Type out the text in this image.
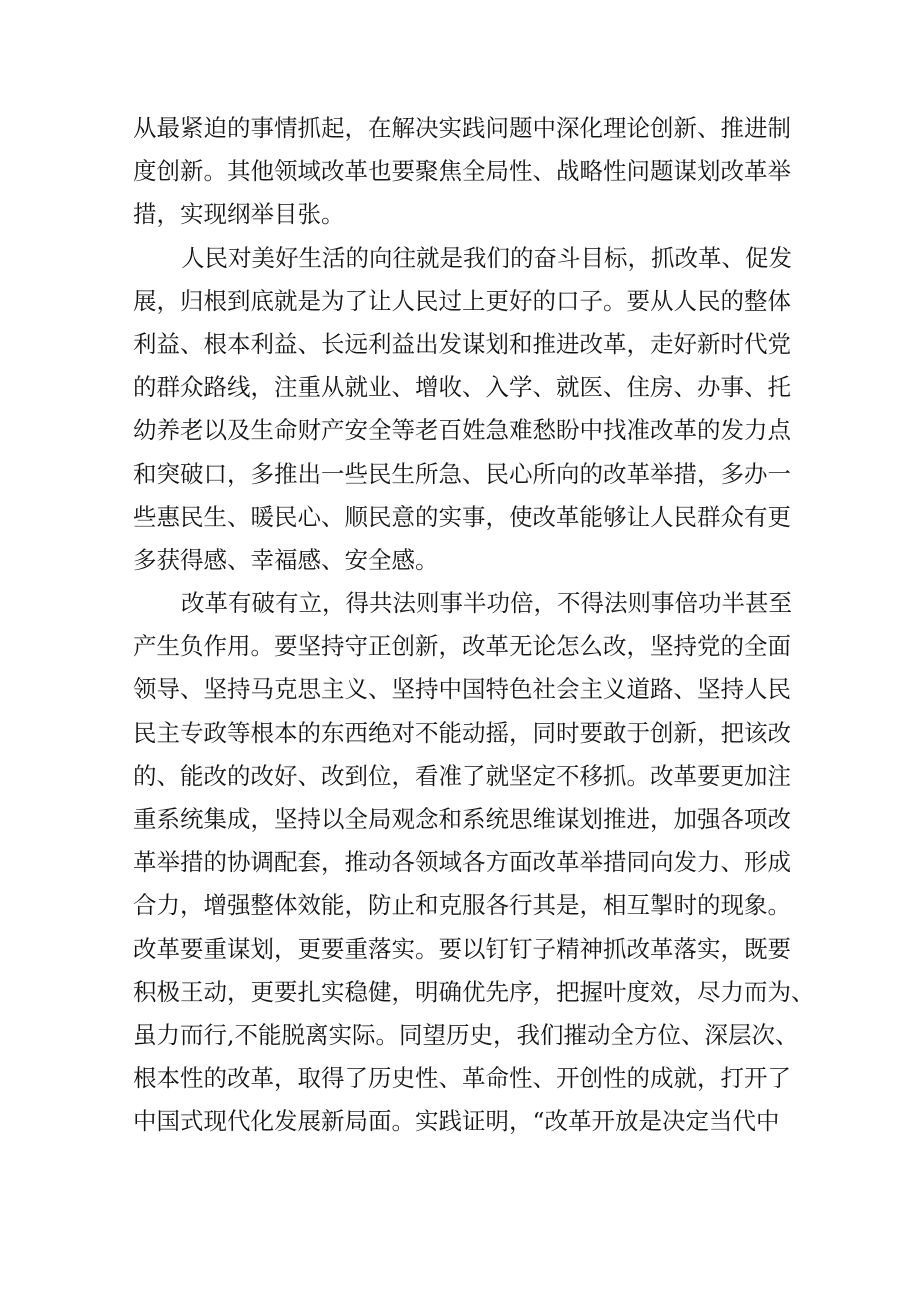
从最紧迫的事情抓起，在解决实践问题中深化理论创新、推进制
度创新。其他领域改革也要聚焦全局性、战略性问题谋划改革举
措，实现纲举目张。
人民对美好生活的向往就是我们的奋斗目标，抓改革、促发
展，归根到底就是为了让人民过上更好的口子。要从人民的整体
利益、根本利益、长远利益出发谋划和推进改革，走好新时代党
的群众路线，注重从就业、增收、入学、就医、住房、办事、托
幼养老以及生命财产安全等老百姓急难愁盼中找准改革的发力点
和突破口，多推出一些民生所急、民心所向的改革举措，多办一
些惠民生、暖民心、顺民意的实事，使改革能够让人民群众有更
多获得感、幸福感、安全感。
改革有破有立，得共法则事半功倍，不得法则事倍功半甚至
产生负作用。要坚持守正创新，改革无论怎么改，坚持党的全面
领导、坚持马克思主义、坚持中国特色社会主义道路、坚持人民
民主专政等根本的东西绝对不能动摇，同时要敢于创新，把该改
的、能改的改好、改到位，看准了就坚定不移抓。改革要更加注
重系统集成，坚持以全局观念和系统思维谋划推进，加强各项改
革举措的协调配套，推动各领域各方面改革举措同向发力、形成
合力，增强整体效能，防止和克服各行其是，相互掣时的现象。
改革要重谋划，更要重落实。要以钉钉子精神抓改革落实，既要
积极王动，更要扎实稳健，明确优先序，把握叶度效，尽力而为、
虽力而行,不能脱离实际。同望历史，我们摧动全方位、深层次、
根本性的改革，取得了历史性、革命性、开创性的成就，打开了
中国式现代化发展新局面。实践证明，“改革开放是决定当代中
